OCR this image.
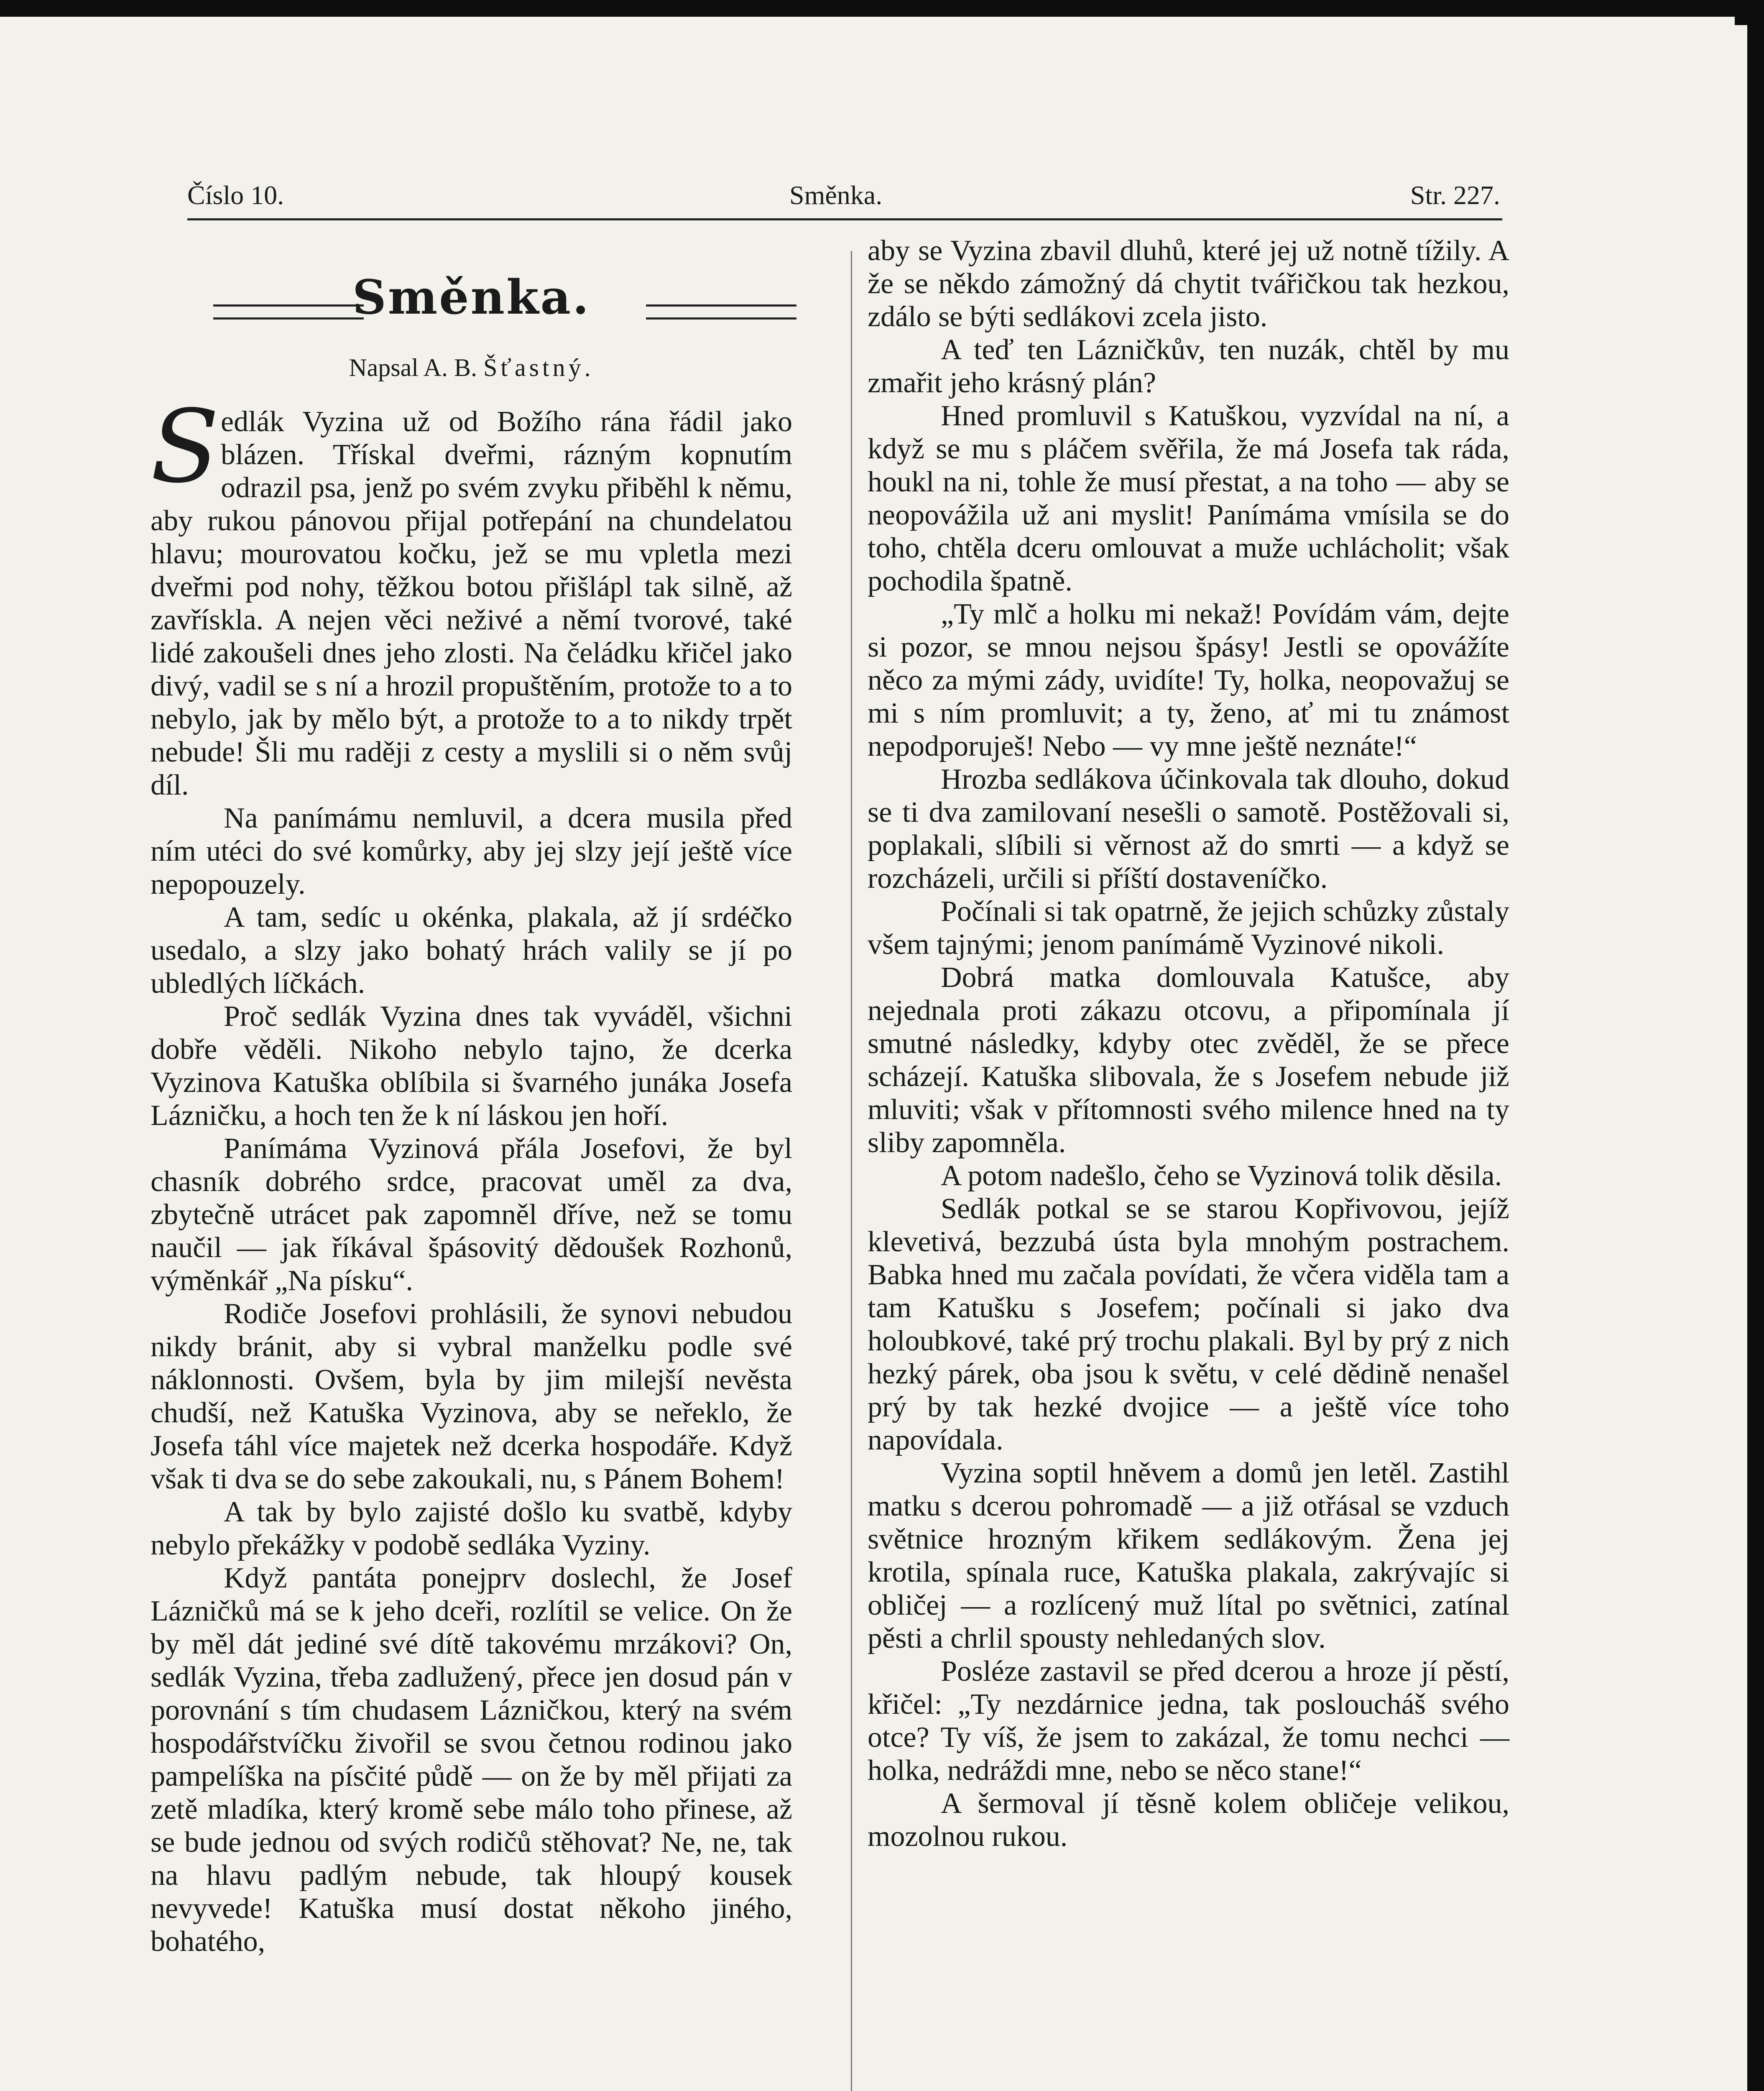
Číslo 10.	Směnka.	Str. 227.
Směnka.
Napsal A. B. Šťastný.

Sedlák Vyzina už od Božího rána řádil jako blázen. Třískal dveřmi, rázným kopnutím odrazil psa, jenž po svém zvyku přiběhl k němu, aby rukou pánovou přijal potřepání na chundelatou hlavu; mourovatou kočku, jež se mu vpletla mezi dveřmi pod nohy, těžkou botou přišlápl tak silně, až zavřískla. A nejen věci neživé a němí tvorové, také lidé zakoušeli dnes jeho zlosti. Na čeládku křičel jako divý, vadil se s ní a hrozil propuštěním, protože to a to nebylo, jak by mělo být, a protože to a to nikdy trpět nebude! Šli mu raději z cesty a myslili si o něm svůj díl.

Na panímámu nemluvil, a dcera musila před ním utéci do své komůrky, aby jej slzy její ještě více nepopouzely.

A tam, sedíc u okénka, plakala, až jí srdéčko usedalo, a slzy jako bohatý hrách valily se jí po ubledlých líčkách.

Proč sedlák Vyzina dnes tak vyváděl, všichni dobře věděli. Nikoho nebylo tajno, že dcerka Vyzinova Katuška oblíbila si švarného junáka Josefa Lázničku, a hoch ten že k ní láskou jen hoří.

Panímáma Vyzinová přála Josefovi, že byl chasník dobrého srdce, pracovat uměl za dva, zbytečně utrácet pak zapomněl dříve, než se tomu naučil — jak říkával špásovitý dědoušek Rozhonů, výměnkář „Na písku“.

Rodiče Josefovi prohlásili, že synovi nebudou nikdy bránit, aby si vybral manželku podle své náklonnosti. Ovšem, byla by jim milejší nevěsta chudší, než Katuška Vyzinova, aby se neřeklo, že Josefa táhl více majetek než dcerka hospodáře. Když však ti dva se do sebe zakoukali, nu, s Pánem Bohem!

A tak by bylo zajisté došlo ku svatbě, kdyby nebylo překážky v podobě sedláka Vyziny.

Když pantáta ponejprv doslechl, že Josef Lázničků má se k jeho dceři, rozlítil se velice. On že by měl dát jediné své dítě takovému mrzákovi? On, sedlák Vyzina, třeba zadlužený, přece jen dosud pán v porovnání s tím chudasem Lázničkou, který na svém hospodářstvíčku živořil se svou četnou rodinou jako pampelíška na písčité půdě — on že by měl přijati za zetě mladíka, který kromě sebe málo toho přinese, až se bude jednou od svých rodičů stěhovat? Ne, ne, tak na hlavu padlým nebude, tak hloupý kousek nevyvede! Katuška musí dostat někoho jiného, bohatého,

aby se Vyzina zbavil dluhů, které jej už notně tížily. A že se někdo zámožný dá chytit tvářičkou tak hezkou, zdálo se býti sedlákovi zcela jisto.

A teď ten Lázničkův, ten nuzák, chtěl by mu zmařit jeho krásný plán?

Hned promluvil s Katuškou, vyzvídal na ní, a když se mu s pláčem svěřila, že má Josefa tak ráda, houkl na ni, tohle že musí přestat, a na toho — aby se neopovážila už ani myslit! Panímáma vmísila se do toho, chtěla dceru omlouvat a muže uchlácholit; však pochodila špatně.

„Ty mlč a holku mi nekaž! Povídám vám, dejte si pozor, se mnou nejsou špásy! Jestli se opovážíte něco za mými zády, uvidíte! Ty, holka, neopovažuj se mi s ním promluvit; a ty, ženo, ať mi tu známost nepodporuješ! Nebo — vy mne ještě neznáte!“

Hrozba sedlákova účinkovala tak dlouho, dokud se ti dva zamilovaní nesešli o samotě. Postěžovali si, poplakali, slíbili si věrnost až do smrti — a když se rozcházeli, určili si příští dostaveníčko.

Počínali si tak opatrně, že jejich schůzky zůstaly všem tajnými; jenom panímámě Vyzinové nikoli.

Dobrá matka domlouvala Katušce, aby nejednala proti zákazu otcovu, a připomínala jí smutné následky, kdyby otec zvěděl, že se přece scházejí. Katuška slibovala, že s Josefem nebude již mluviti; však v přítomnosti svého milence hned na ty sliby zapomněla.

A potom nadešlo, čeho se Vyzinová tolik děsila.

Sedlák potkal se se starou Kopřivovou, jejíž klevetivá, bezzubá ústa byla mnohým postrachem. Babka hned mu začala povídati, že včera viděla tam a tam Katušku s Josefem; počínali si jako dva holoubkové, také prý trochu plakali. Byl by prý z nich hezký párek, oba jsou k světu, v celé dědině nenašel prý by tak hezké dvojice — a ještě více toho napovídala.

Vyzina soptil hněvem a domů jen letěl. Zastihl matku s dcerou pohromadě — a již otřásal se vzduch světnice hrozným křikem sedlákovým. Žena jej krotila, spínala ruce, Katuška plakala, zakrývajíc si obličej — a rozlícený muž lítal po světnici, zatínal pěsti a chrlil spousty nehledaných slov.

Posléze zastavil se před dcerou a hroze jí pěstí, křičel: „Ty nezdárnice jedna, tak posloucháš svého otce? Ty víš, že jsem to zakázal, že tomu nechci — holka, nedráždi mne, nebo se něco stane!“

A šermoval jí těsně kolem obličeje velikou, mozolnou rukou.
